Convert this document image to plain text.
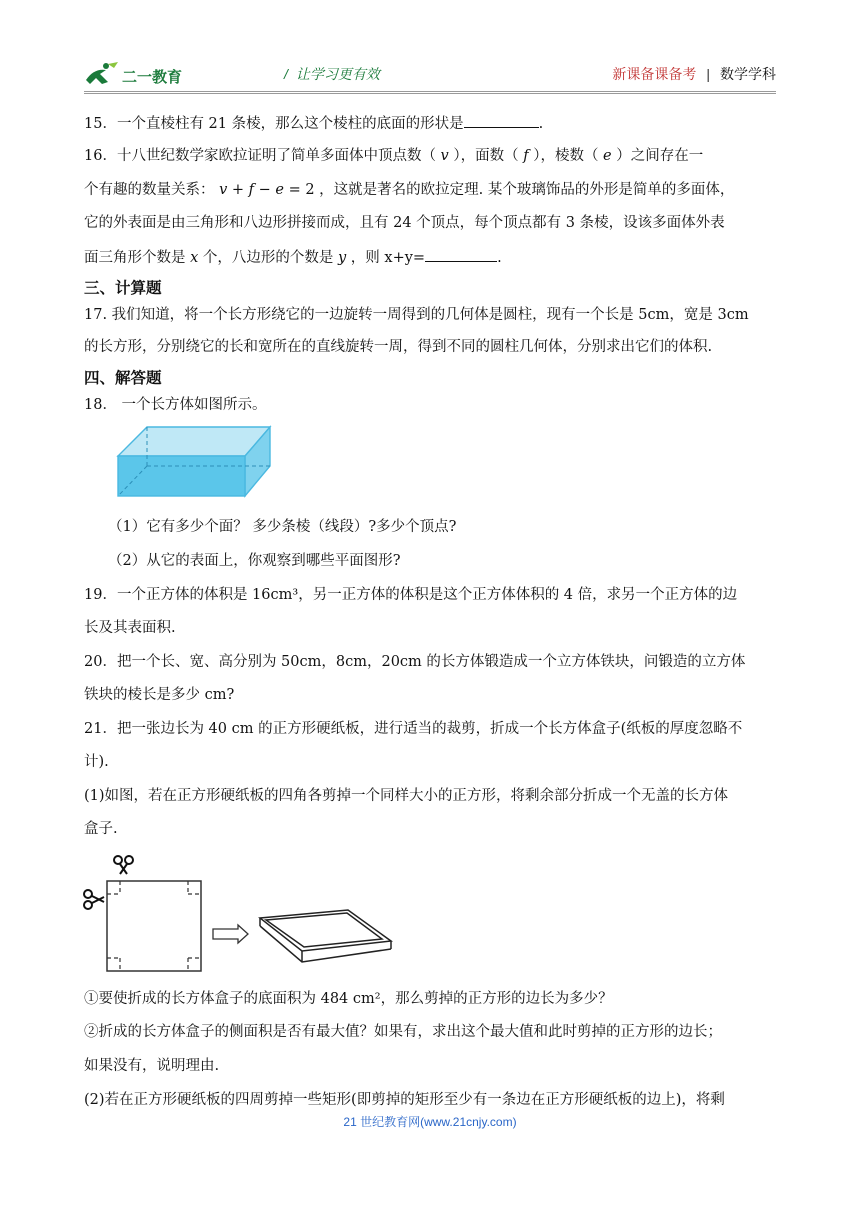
二一教育	/ 让学习更有效	新课备课备考 | 数学学科
15．一个直棱柱有 21 条棱，那么这个棱柱的底面的形状是	.
16．十八世纪数学家欧拉证明了简单多面体中顶点数（ 𝑣 ），面数（ 𝑓 ），棱数（ 𝑒 ）之间存在一
个有趣的数量关系： 𝑣 + 𝑓 − 𝑒 = 2 ，这就是著名的欧拉定理. 某个玻璃饰品的外形是简单的多面体，
它的外表面是由三角形和八边形拼接而成，且有 24 个顶点，每个顶点都有 3 条棱，设该多面体外表
面三角形个数是 𝑥 个，八边形的个数是 𝑦 ，则 x+y=	.
三、计算题
17. 我们知道，将一个长方形绕它的一边旋转一周得到的几何体是圆柱，现有一个长是 5cm，宽是 3cm
的长方形，分别绕它的长和宽所在的直线旋转一周，得到不同的圆柱几何体，分别求出它们的体积.
四、解答题
18． 一个长方体如图所示。
（1）它有多少个面？ 多少条棱（线段）?多少个顶点?
（2）从它的表面上，你观察到哪些平面图形?
19．一个正方体的体积是 16cm³，另一正方体的体积是这个正方体体积的 4 倍，求另一个正方体的边
长及其表面积.
20．把一个长、宽、高分别为 50cm，8cm，20cm 的长方体锻造成一个立方体铁块，问锻造的立方体
铁块的棱长是多少 cm?
21．把一张边长为 40 cm 的正方形硬纸板，进行适当的裁剪，折成一个长方体盒子(纸板的厚度忽略不
计).
(1)如图，若在正方形硬纸板的四角各剪掉一个同样大小的正方形，将剩余部分折成一个无盖的长方体
盒子.
①要使折成的长方体盒子的底面积为 484 cm²，那么剪掉的正方形的边长为多少？
②折成的长方体盒子的侧面积是否有最大值？如果有，求出这个最大值和此时剪掉的正方形的边长；
如果没有，说明理由.
(2)若在正方形硬纸板的四周剪掉一些矩形(即剪掉的矩形至少有一条边在正方形硬纸板的边上)，将剩
21 世纪教育网(www.21cnjy.com)
